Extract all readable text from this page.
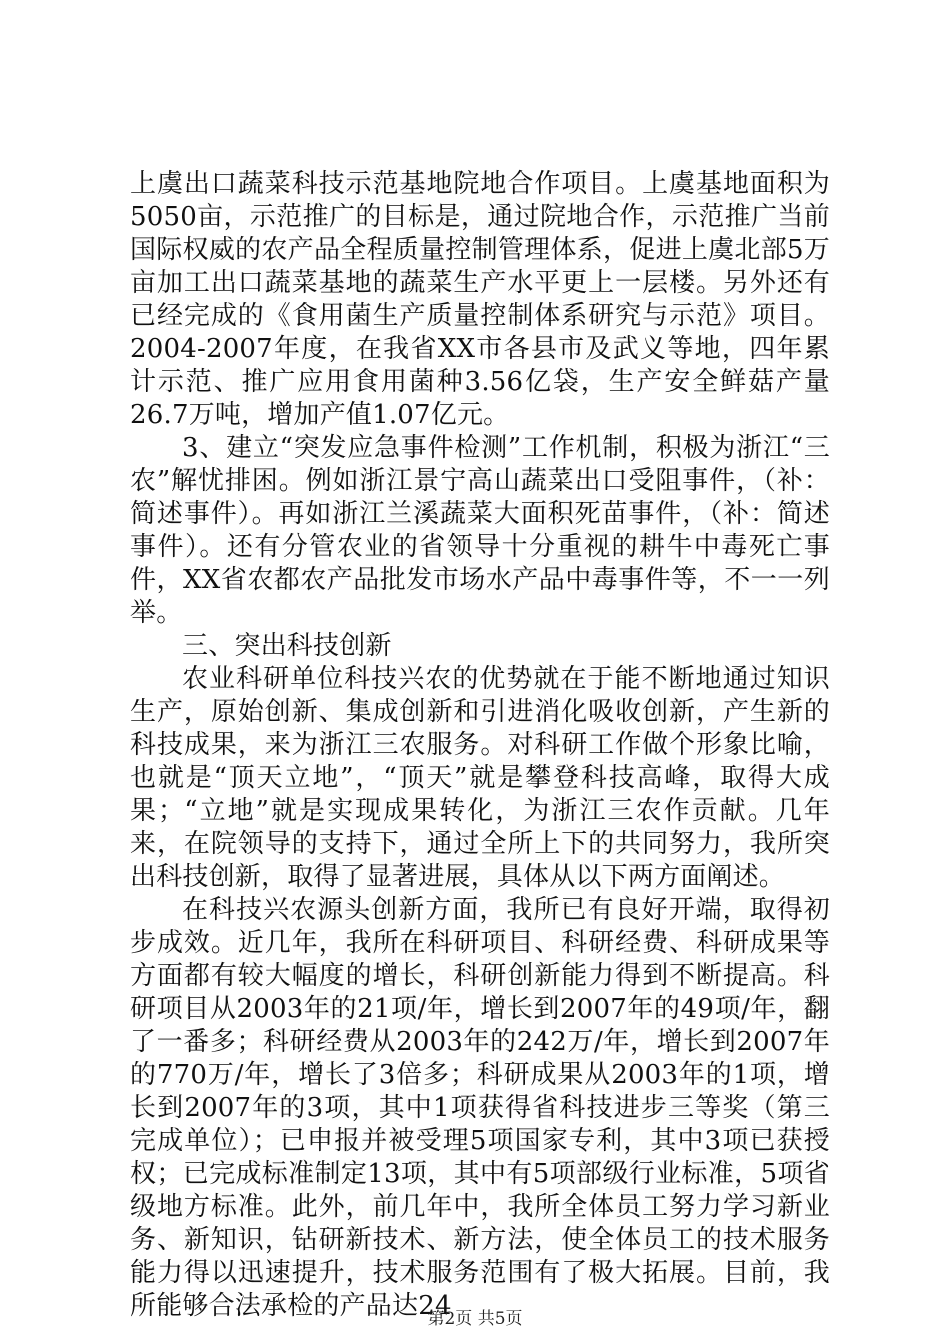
上虞出口蔬菜科技示范基地院地合作项目。上虞基地面积为5050亩，示范推广的目标是，通过院地合作，示范推广当前国际权威的农产品全程质量控制管理体系，促进上虞北部5万亩加工出口蔬菜基地的蔬菜生产水平更上一层楼。另外还有已经完成的《食用菌生产质量控制体系研究与示范》项目。2004-2007年度，在我省XX市各县市及武义等地，四年累计示范、推广应用食用菌种3.56亿袋，生产安全鲜菇产量26.7万吨，增加产值1.07亿元。

3、建立“突发应急事件检测”工作机制，积极为浙江“三农”解忧排困。例如浙江景宁高山蔬菜出口受阻事件，（补：简述事件）。再如浙江兰溪蔬菜大面积死苗事件，（补：简述事件）。还有分管农业的省领导十分重视的耕牛中毒死亡事件，XX省农都农产品批发市场水产品中毒事件等，不一一列举。

三、突出科技创新

农业科研单位科技兴农的优势就在于能不断地通过知识生产，原始创新、集成创新和引进消化吸收创新，产生新的科技成果，来为浙江三农服务。对科研工作做个形象比喻，也就是“顶天立地”，“顶天”就是攀登科技高峰，取得大成果；“立地”就是实现成果转化，为浙江三农作贡献。几年来，在院领导的支持下，通过全所上下的共同努力，我所突出科技创新，取得了显著进展，具体从以下两方面阐述。

在科技兴农源头创新方面，我所已有良好开端，取得初步成效。近几年，我所在科研项目、科研经费、科研成果等方面都有较大幅度的增长，科研创新能力得到不断提高。科研项目从2003年的21项/年，增长到2007年的49项/年，翻了一番多；科研经费从2003年的242万/年，增长到2007年的770万/年，增长了3倍多；科研成果从2003年的1项，增长到2007年的3项，其中1项获得省科技进步三等奖（第三完成单位）；已申报并被受理5项国家专利，其中3项已获授权；已完成标准制定13项，其中有5项部级行业标准，5项省级地方标准。此外，前几年中，我所全体员工努力学习新业务、新知识，钻研新技术、新方法，使全体员工的技术服务能力得以迅速提升，技术服务范围有了极大拓展。目前，我所能够合法承检的产品达24

第2页 共5页
